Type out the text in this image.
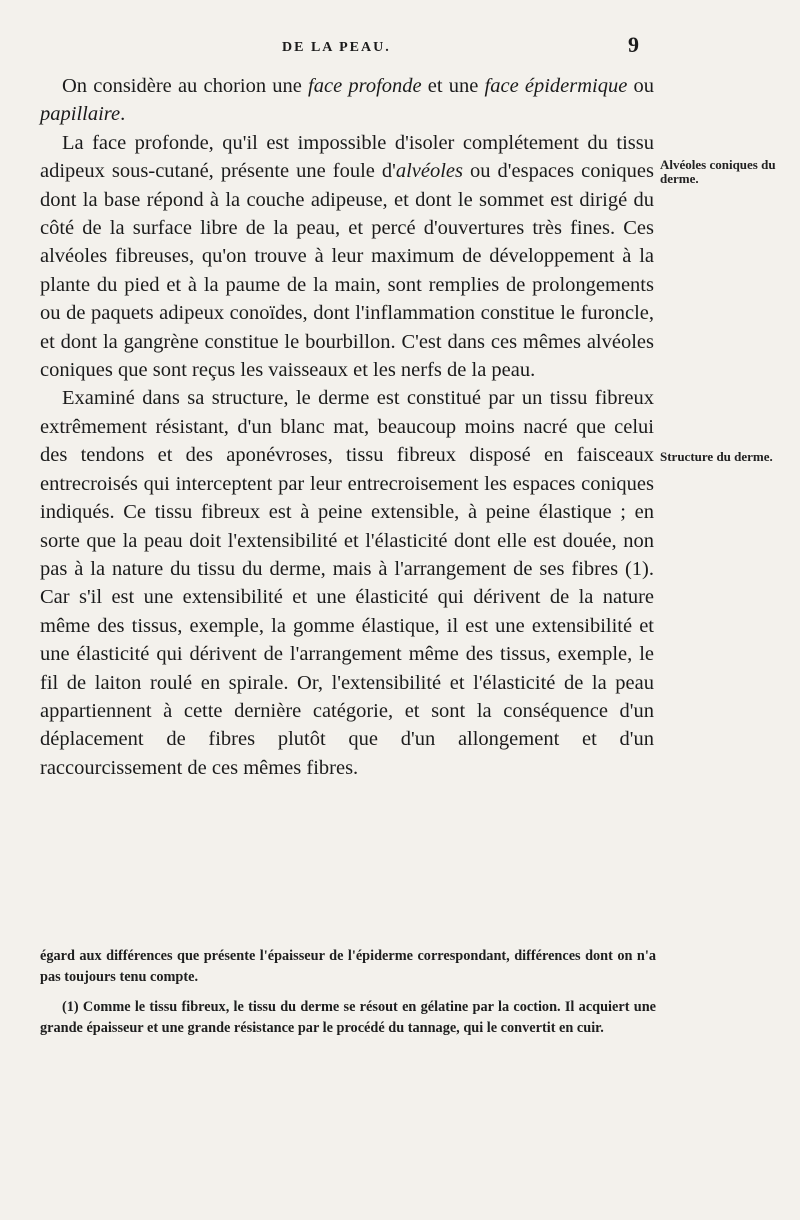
DE LA PEAU.	9

On considère au chorion une face profonde et une face épidermique ou papillaire.

La face profonde, qu'il est impossible d'isoler complétement du tissu adipeux sous-cutané, présente une foule d'alvéoles ou d'espaces coniques dont la base répond à la couche adipeuse, et dont le sommet est dirigé du côté de la surface libre de la peau, et percé d'ouvertures très fines. Ces alvéoles fibreuses, qu'on trouve à leur maximum de développement à la plante du pied et à la paume de la main, sont remplies de prolongements ou de paquets adipeux conoïdes, dont l'inflammation constitue le furoncle, et dont la gangrène constitue le bourbillon. C'est dans ces mêmes alvéoles coniques que sont reçus les vaisseaux et les nerfs de la peau.

Examiné dans sa structure, le derme est constitué par un tissu fibreux extrêmement résistant, d'un blanc mat, beaucoup moins nacré que celui des tendons et des aponévroses, tissu fibreux disposé en faisceaux entrecroisés qui interceptent par leur entrecroisement les espaces coniques indiqués. Ce tissu fibreux est à peine extensible, à peine élastique ; en sorte que la peau doit l'extensibilité et l'élasticité dont elle est douée, non pas à la nature du tissu du derme, mais à l'arrangement de ses fibres (1). Car s'il est une extensibilité et une élasticité qui dérivent de la nature même des tissus, exemple, la gomme élastique, il est une extensibilité et une élasticité qui dérivent de l'arrangement même des tissus, exemple, le fil de laiton roulé en spirale. Or, l'extensibilité et l'élasticité de la peau appartiennent à cette dernière catégorie, et sont la conséquence d'un déplacement de fibres plutôt que d'un allongement et d'un raccourcissement de ces mêmes fibres.

Alvéoles coniques du derme.
Structure du derme.

égard aux différences que présente l'épaisseur de l'épiderme correspondant, différences dont on n'a pas toujours tenu compte.

(1) Comme le tissu fibreux, le tissu du derme se résout en gélatine par la coction. Il acquiert une grande épaisseur et une grande résistance par le procédé du tannage, qui le convertit en cuir.
